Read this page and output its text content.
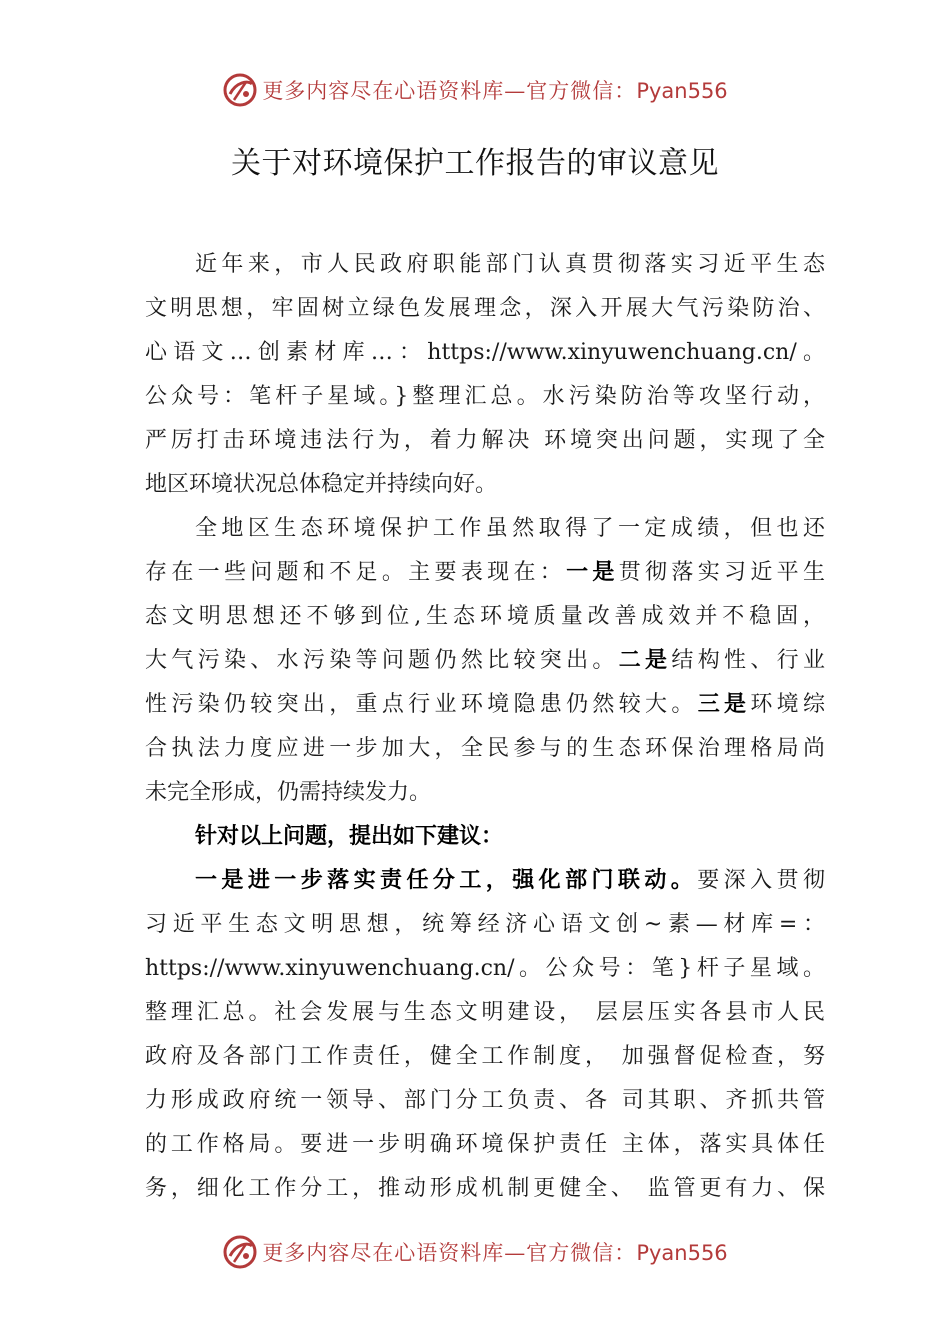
更多内容尽在心语资料库—官方微信：Pyan556
关于对环境保护工作报告的审议意见
近年来，市人民政府职能部门认真贯彻落实习近平生态
文明思想，牢固树立绿色发展理念，深入开展大气污染防治、
心语文…创素材库…：https://www.xinyuwenchuang.cn/。
公众号：笔杆子星域。}整理汇总。水污染防治等攻坚行动，
严厉打击环境违法行为，着力解决 环境突出问题，实现了全
地区环境状况总体稳定并持续向好。
全地区生态环境保护工作虽然取得了一定成绩，但也还
存在一些问题和不足。主要表现在：一是贯彻落实习近平生
态文明思想还不够到位,生态环境质量改善成效并不稳固，
大气污染、水污染等问题仍然比较突出。二是结构性、行业
性污染仍较突出，重点行业环境隐患仍然较大。三是环境综
合执法力度应进一步加大，全民参与的生态环保治理格局尚
未完全形成，仍需持续发力。
针对以上问题，提出如下建议：
一是进一步落实责任分工，强化部门联动。要深入贯彻
习近平生态文明思想，统筹经济心语文创~素—材库=：
https://www.xinyuwenchuang.cn/。公众号：笔}杆子星域。
整理汇总。社会发展与生态文明建设， 层层压实各县市人民
政府及各部门工作责任，健全工作制度， 加强督促检查，努
力形成政府统一领导、部门分工负责、各 司其职、齐抓共管
的工作格局。要进一步明确环境保护责任 主体，落实具体任
务，细化工作分工，推动形成机制更健全、 监管更有力、保
更多内容尽在心语资料库—官方微信：Pyan556
